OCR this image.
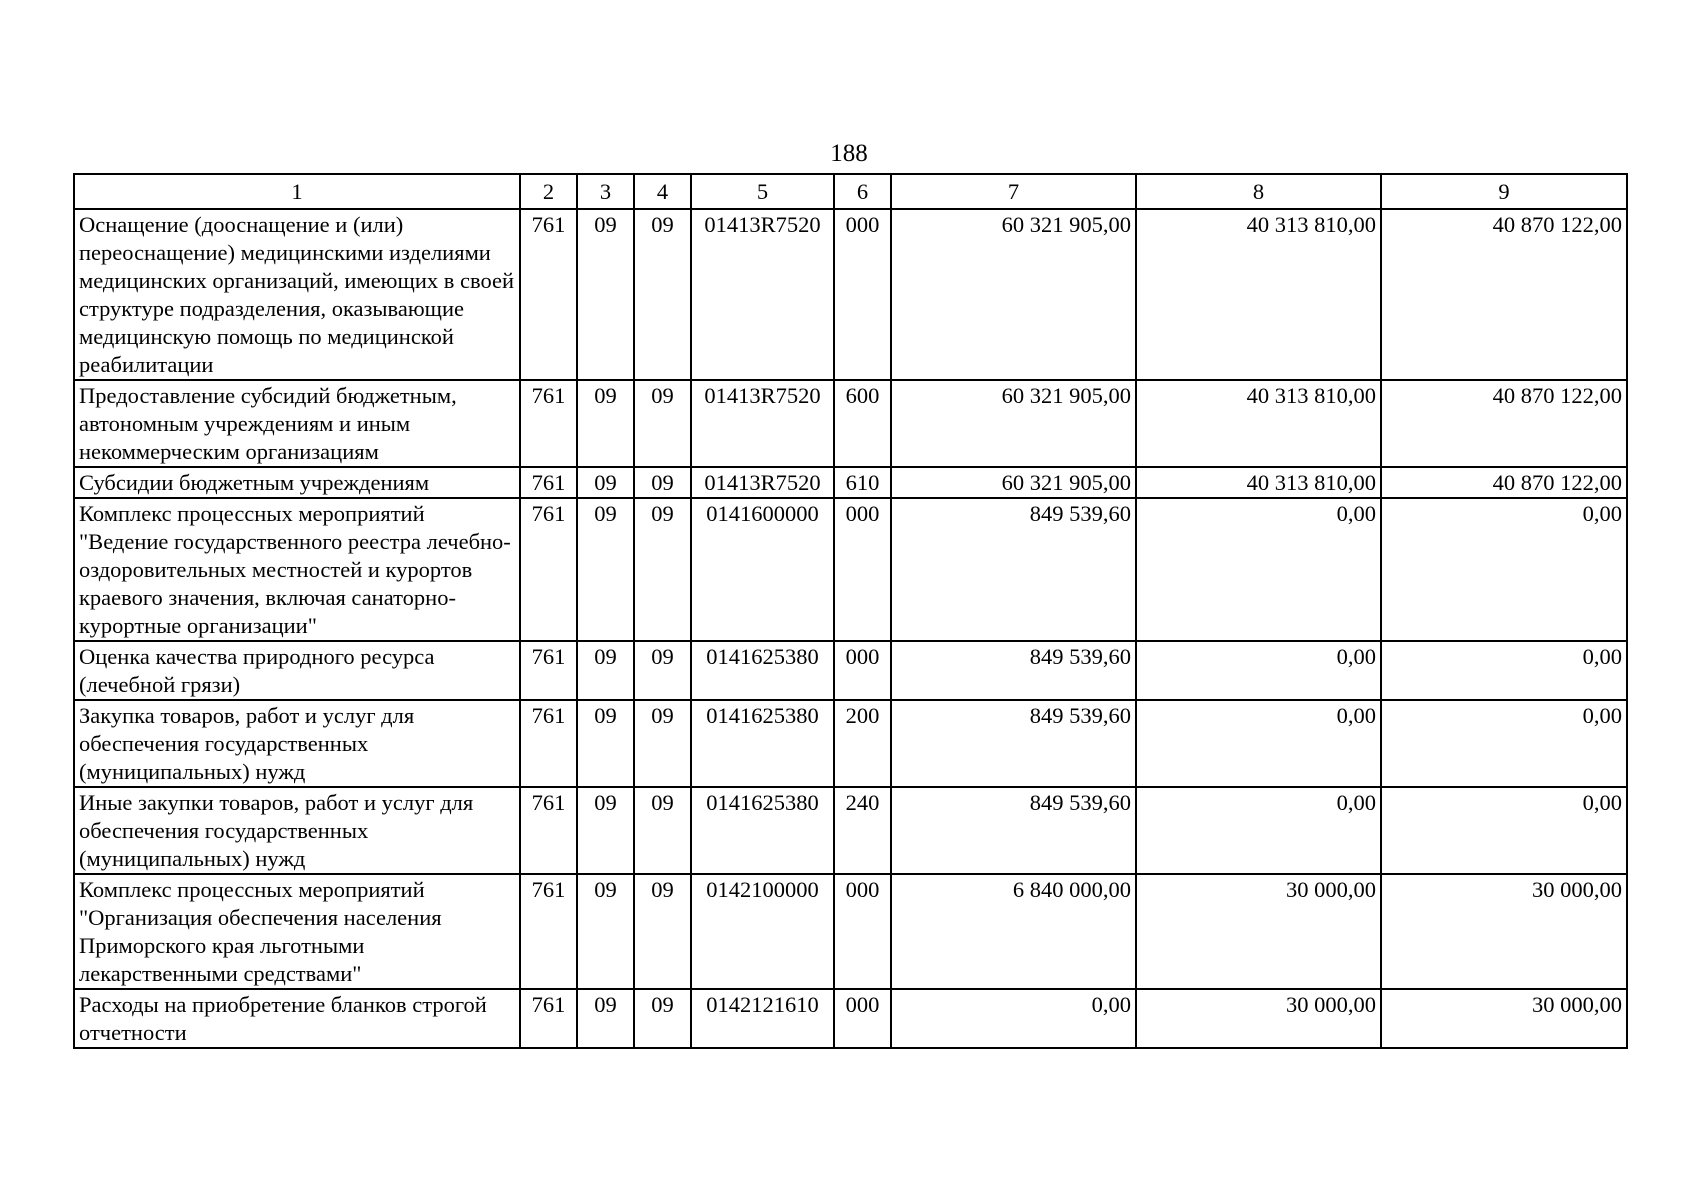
188
1	2	3	4	5	6	7	8	9
Оснащение (дооснащение и (или) переоснащение) медицинскими изделиями медицинских организаций, имеющих в своей структуре подразделения, оказывающие медицинскую помощь по медицинской реабилитации	761	09	09	01413R7520	000	60 321 905,00	40 313 810,00	40 870 122,00
Предоставление субсидий бюджетным, автономным учреждениям и иным некоммерческим организациям	761	09	09	01413R7520	600	60 321 905,00	40 313 810,00	40 870 122,00
Субсидии бюджетным учреждениям	761	09	09	01413R7520	610	60 321 905,00	40 313 810,00	40 870 122,00
Комплекс процессных мероприятий "Ведение государственного реестра лечебно-оздоровительных местностей и курортов краевого значения, включая санаторно-курортные организации"	761	09	09	0141600000	000	849 539,60	0,00	0,00
Оценка качества природного ресурса (лечебной грязи)	761	09	09	0141625380	000	849 539,60	0,00	0,00
Закупка товаров, работ и услуг для обеспечения государственных (муниципальных) нужд	761	09	09	0141625380	200	849 539,60	0,00	0,00
Иные закупки товаров, работ и услуг для обеспечения государственных (муниципальных) нужд	761	09	09	0141625380	240	849 539,60	0,00	0,00
Комплекс процессных мероприятий "Организация обеспечения населения Приморского края льготными лекарственными средствами"	761	09	09	0142100000	000	6 840 000,00	30 000,00	30 000,00
Расходы на приобретение бланков строгой отчетности	761	09	09	0142121610	000	0,00	30 000,00	30 000,00
